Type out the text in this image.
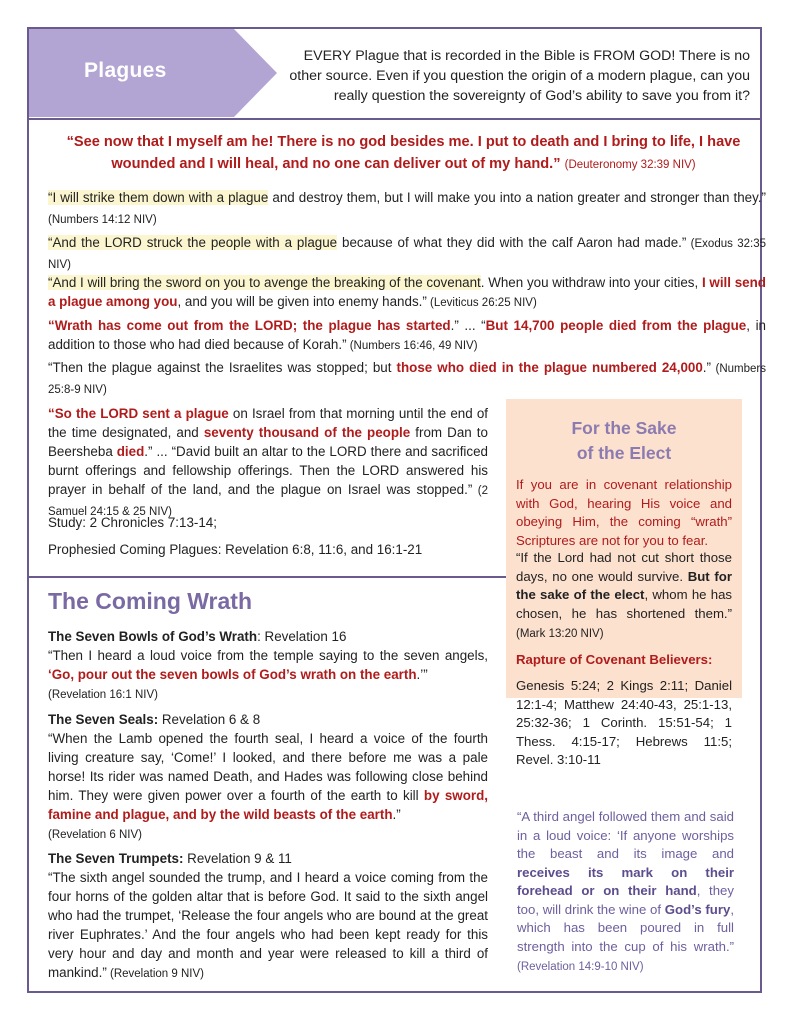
Plagues
EVERY Plague that is recorded in the Bible is FROM GOD! There is no other source. Even if you question the origin of a modern plague, can you really question the sovereignty of God’s ability to save you from it?
“See now that I myself am he! There is no god besides me. I put to death and I bring to life, I have wounded and I will heal, and no one can deliver out of my hand.” (Deuteronomy 32:39 NIV)
“I will strike them down with a plague and destroy them, but I will make you into a nation greater and stronger than they.” (Numbers 14:12 NIV)
“And the LORD struck the people with a plague because of what they did with the calf Aaron had made.” (Exodus 32:35 NIV)
“And I will bring the sword on you to avenge the breaking of the covenant. When you withdraw into your cities, I will send a plague among you, and you will be given into enemy hands.” (Leviticus 26:25 NIV)
“Wrath has come out from the LORD; the plague has started.” ... “But 14,700 people died from the plague, in addition to those who had died because of Korah.” (Numbers 16:46, 49 NIV)
“Then the plague against the Israelites was stopped; but those who died in the plague numbered 24,000.” (Numbers 25:8-9 NIV)
“So the LORD sent a plague on Israel from that morning until the end of the time designated, and seventy thousand of the people from Dan to Beersheba died.” ... “David built an altar to the LORD there and sacrificed burnt offerings and fellowship offerings. Then the LORD answered his prayer in behalf of the land, and the plague on Israel was stopped.” (2 Samuel 24:15 & 25 NIV)
Study: 2 Chronicles 7:13-14;
Prophesied Coming Plagues: Revelation 6:8, 11:6, and 16:1-21
The Coming Wrath
The Seven Bowls of God’s Wrath: Revelation 16
“Then I heard a loud voice from the temple saying to the seven angels, ‘Go, pour out the seven bowls of God’s wrath on the earth.’”
(Revelation 16:1 NIV)
The Seven Seals: Revelation 6 & 8
“When the Lamb opened the fourth seal, I heard a voice of the fourth living creature say, ‘Come!’ I looked, and there before me was a pale horse! Its rider was named Death, and Hades was following close behind him. They were given power over a fourth of the earth to kill by sword, famine and plague, and by the wild beasts of the earth.”
(Revelation 6 NIV)
The Seven Trumpets: Revelation 9 & 11
“The sixth angel sounded the trump, and I heard a voice coming from the four horns of the golden altar that is before God. It said to the sixth angel who had the trumpet, ‘Release the four angels who are bound at the great river Euphrates.’ And the four angels who had been kept ready for this very hour and day and month and year were released to kill a third of mankind.” (Revelation 9 NIV)
For the Sake
of the Elect
If you are in covenant relationship with God, hearing His voice and obeying Him, the coming “wrath” Scriptures are not for you to fear.
“If the Lord had not cut short those days, no one would survive. But for the sake of the elect, whom he has chosen, he has shortened them.” (Mark 13:20 NIV)
Rapture of Covenant Believers:
Genesis 5:24; 2 Kings 2:11; Daniel 12:1-4; Matthew 24:40-43, 25:1-13, 25:32-36; 1 Corinth. 15:51-54; 1 Thess. 4:15-17; Hebrews 11:5; Revel. 3:10-11
“A third angel followed them and said in a loud voice: ‘If anyone worships the beast and its image and receives its mark on their forehead or on their hand, they too, will drink the wine of God’s fury, which has been poured in full strength into the cup of his wrath.” (Revelation 14:9-10 NIV)
